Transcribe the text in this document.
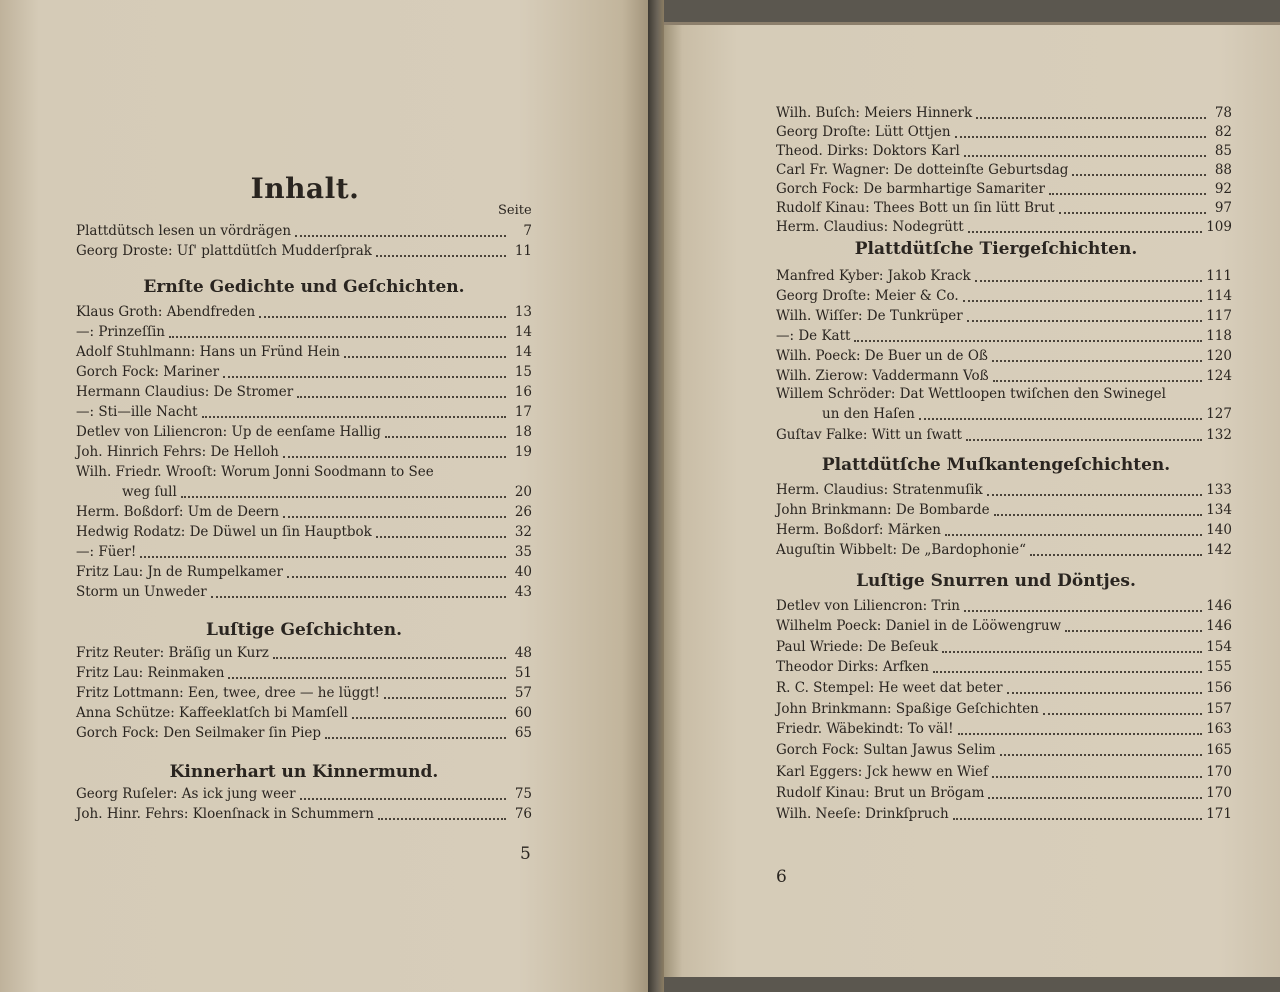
Inhalt.
Seite
Plattdütsch lesen un vördrägen	7
Georg Droste: Uſ' plattdütſch Mudderſprak	11
Ernſte Gedichte und Geſchichten.
Klaus Groth: Abendfreden	13
—: Prinzeſſin	14
Adolf Stuhlmann: Hans un Fründ Hein	14
Gorch Fock: Mariner	15
Hermann Claudius: De Stromer	16
—: Sti—ille Nacht	17
Detlev von Liliencron: Up de eenſame Hallig	18
Joh. Hinrich Fehrs: De Helloh	19
Wilh. Friedr. Wrooſt: Worum Jonni Soodmann to See
weg ſull	20
Herm. Boßdorf: Um de Deern	26
Hedwig Rodatz: De Düwel un ſin Hauptbok	32
—: Füer!	35
Fritz Lau: Jn de Rumpelkamer	40
Storm un Unweder	43
Luſtige Geſchichten.
Fritz Reuter: Bräſig un Kurz	48
Fritz Lau: Reinmaken	51
Fritz Lottmann: Een, twee, dree — he lüggt!	57
Anna Schütze: Kaffeeklatſch bi Mamſell	60
Gorch Fock: Den Seilmaker ſin Piep	65
Kinnerhart un Kinnermund.
Georg Ruſeler: As ick jung weer	75
Joh. Hinr. Fehrs: Kloenſnack in Schummern	76
5
Wilh. Buſch: Meiers Hinnerk	78
Georg Droſte: Lütt Ottjen	82
Theod. Dirks: Doktors Karl	85
Carl Fr. Wagner: De dotteinſte Geburtsdag	88
Gorch Fock: De barmhartige Samariter	92
Rudolf Kinau: Thees Bott un ſin lütt Brut	97
Herm. Claudius: Nodegrütt	109
Plattdütſche Tiergeſchichten.
Manfred Kyber: Jakob Krack	111
Georg Droſte: Meier & Co.	114
Wilh. Wiſſer: De Tunkrüper	117
—: De Katt	118
Wilh. Poeck: De Buer un de Oß	120
Wilh. Zierow: Vaddermann Voß	124
Willem Schröder: Dat Wettloopen twiſchen den Swinegel
un den Haſen	127
Guſtav Falke: Witt un ſwatt	132
Plattdütſche Muſkantengeſchichten.
Herm. Claudius: Stratenmuſik	133
John Brinkmann: De Bombarde	134
Herm. Boßdorf: Märken	140
Auguſtin Wibbelt: De „Bardophonie“	142
Luſtige Snurren und Döntjes.
Detlev von Liliencron: Trin	146
Wilhelm Poeck: Daniel in de Lööwengruw	146
Paul Wriede: De Beſeuk	154
Theodor Dirks: Arfken	155
R. C. Stempel: He weet dat beter	156
John Brinkmann: Spaßige Geſchichten	157
Friedr. Wäbekindt: To väl!	163
Gorch Fock: Sultan Jawus Selim	165
Karl Eggers: Jck heww en Wief	170
Rudolf Kinau: Brut un Brögam	170
Wilh. Neeſe: Drinkſpruch	171
6
